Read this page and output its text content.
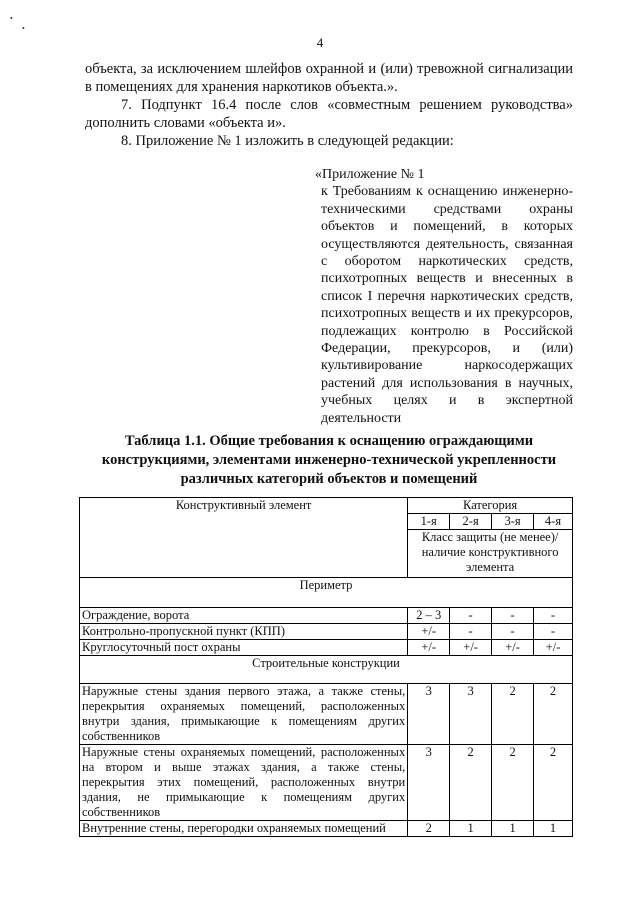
•
•
4
объекта, за исключением шлейфов охранной и (или) тревожной сигнализации в помещениях для хранения наркотиков объекта.».
7. Подпункт 16.4 после слов «совместным решением руководства» дополнить словами «объекта и».
8. Приложение № 1 изложить в следующей редакции:
«Приложение № 1
к Требованиям к оснащению инженерно-техническими средствами охраны объектов и помещений, в которых осуществляются деятельность, связанная с оборотом наркотических средств, психотропных веществ и внесенных в список I перечня наркотических средств, психотропных веществ и их прекурсоров, подлежащих контролю в Российской Федерации, прекурсоров, и (или) культивирование наркосодержащих растений для использования в научных, учебных целях и в экспертной деятельности
Таблица 1.1. Общие требования к оснащению ограждающими конструкциями, элементами инженерно-технической укрепленности различных категорий объектов и помещений
Конструктивный элемент	Категория			
	1-я	2-я	3-я	4-я
	Класс защиты (не менее)/наличие конструктивного элемента			
Периметр				
Ограждение, ворота	2 – 3	-	-	-
Контрольно-пропускной пункт (КПП)	+/-	-	-	-
Круглосуточный пост охраны	+/-	+/-	+/-	+/-
Строительные конструкции				
Наружные стены здания первого этажа, а также стены, перекрытия охраняемых помещений, расположенных внутри здания, примыкающие к помещениям других собственников	3	3	2	2
Наружные стены охраняемых помещений, расположенных на втором и выше этажах здания, а также стены, перекрытия этих помещений, расположенных внутри здания, не примыкающие к помещениям других собственников	3	2	2	2
Внутренние стены, перегородки охраняемых помещений	2	1	1	1
